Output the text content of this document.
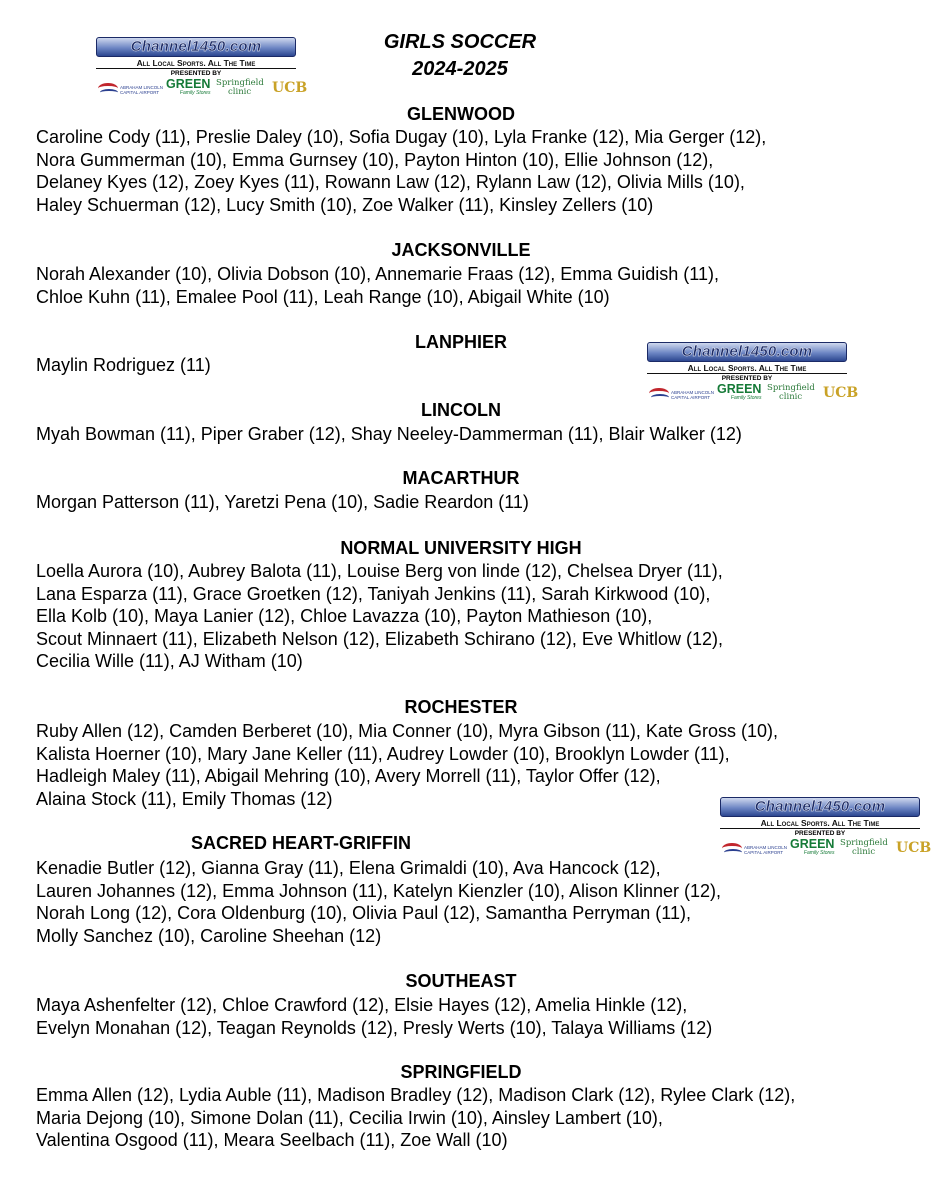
GIRLS SOCCER
2024-2025
Channel1450.com
All Local Sports. All The Time
PRESENTED BY
ABRAHAM LINCOLN CAPITAL AIRPORT
GREEN
Family Stores
Springfield
clinic	UCB
Channel1450.com
All Local Sports. All The Time
PRESENTED BY
ABRAHAM LINCOLN CAPITAL AIRPORT
GREEN
Family Stores
Springfield
clinic	UCB
Channel1450.com
All Local Sports. All The Time
PRESENTED BY
ABRAHAM LINCOLN CAPITAL AIRPORT
GREEN
Family Stores
Springfield
clinic	UCB
GLENWOOD
Caroline Cody (11), Preslie Daley (10), Sofia Dugay (10), Lyla Franke (12), Mia Gerger (12),
Nora Gummerman (10), Emma Gurnsey (10), Payton Hinton (10), Ellie Johnson (12),
Delaney Kyes (12), Zoey Kyes (11), Rowann Law (12), Rylann Law (12), Olivia Mills (10),
Haley Schuerman (12), Lucy Smith (10), Zoe Walker (11), Kinsley Zellers (10)
JACKSONVILLE
Norah Alexander (10), Olivia Dobson (10), Annemarie Fraas (12), Emma Guidish (11),
Chloe Kuhn (11), Emalee Pool (11), Leah Range (10), Abigail White (10)
LANPHIER
Maylin Rodriguez (11)
LINCOLN
Myah Bowman (11), Piper Graber (12), Shay Neeley-Dammerman (11), Blair Walker (12)
MACARTHUR
Morgan Patterson (11), Yaretzi Pena (10), Sadie Reardon (11)
NORMAL UNIVERSITY HIGH
Loella Aurora (10), Aubrey Balota (11), Louise Berg von linde (12), Chelsea Dryer (11),
Lana Esparza (11), Grace Groetken (12), Taniyah Jenkins (11), Sarah Kirkwood (10),
Ella Kolb (10), Maya Lanier (12), Chloe Lavazza (10), Payton Mathieson (10),
Scout Minnaert (11), Elizabeth Nelson (12), Elizabeth Schirano (12), Eve Whitlow (12),
Cecilia Wille (11), AJ Witham (10)
ROCHESTER
Ruby Allen (12), Camden Berberet (10), Mia Conner (10), Myra Gibson (11), Kate Gross (10),
Kalista Hoerner (10), Mary Jane Keller (11), Audrey Lowder (10), Brooklyn Lowder (11),
Hadleigh Maley (11), Abigail Mehring (10), Avery Morrell (11), Taylor Offer (12),
Alaina Stock (11), Emily Thomas (12)
SACRED HEART-GRIFFIN
Kenadie Butler (12), Gianna Gray (11), Elena Grimaldi (10), Ava Hancock (12),
Lauren Johannes (12), Emma Johnson (11), Katelyn Kienzler (10), Alison Klinner (12),
Norah Long (12), Cora Oldenburg (10), Olivia Paul (12), Samantha Perryman (11),
Molly Sanchez (10), Caroline Sheehan (12)
SOUTHEAST
Maya Ashenfelter (12), Chloe Crawford (12), Elsie Hayes (12), Amelia Hinkle (12),
Evelyn Monahan (12), Teagan Reynolds (12), Presly Werts (10), Talaya Williams (12)
SPRINGFIELD
Emma Allen (12), Lydia Auble (11), Madison Bradley (12), Madison Clark (12), Rylee Clark (12),
Maria Dejong (10), Simone Dolan (11), Cecilia Irwin (10), Ainsley Lambert (10),
Valentina Osgood (11), Meara Seelbach (11), Zoe Wall (10)
